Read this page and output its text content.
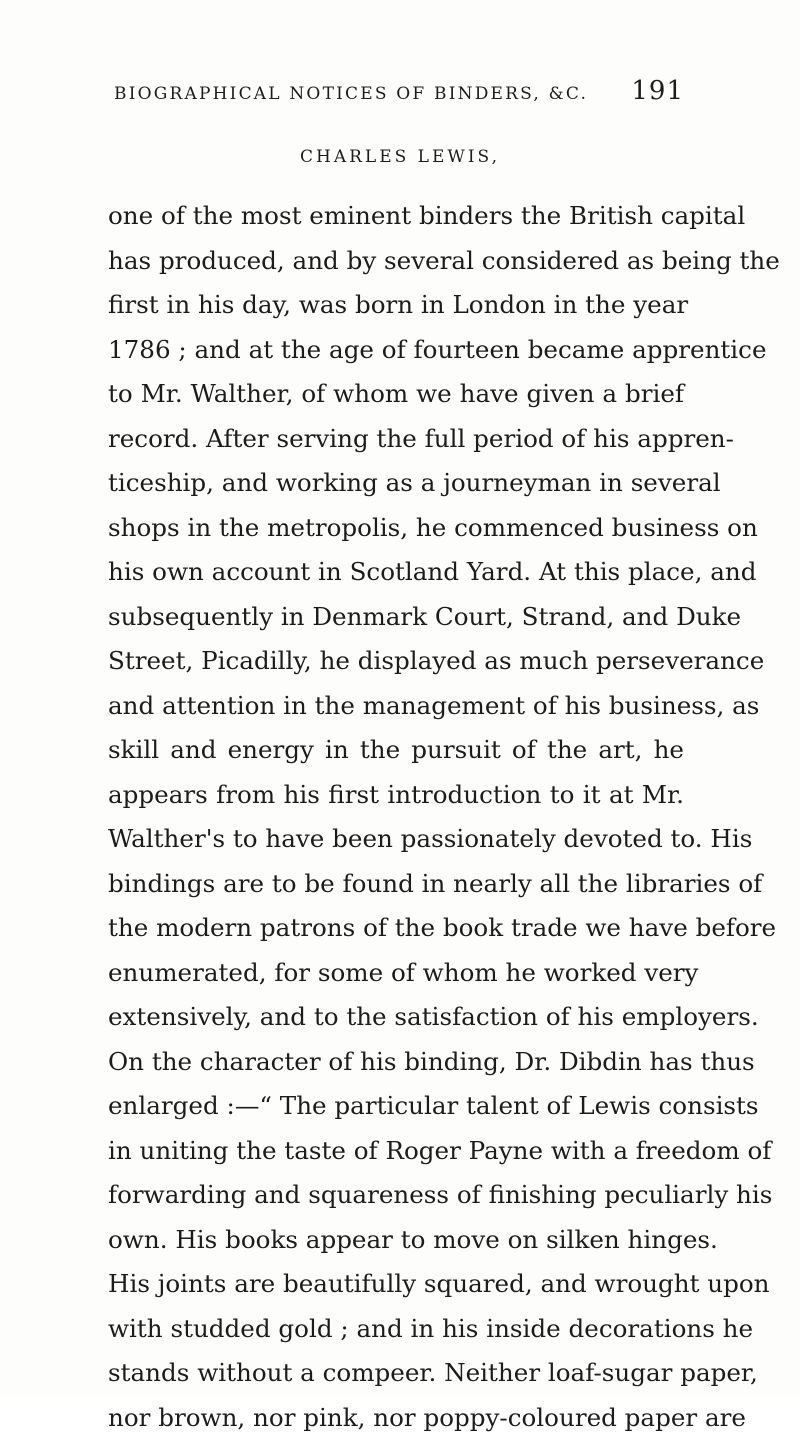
BIOGRAPHICAL NOTICES OF BINDERS, &C. 191
CHARLES LEWIS,
one of the most eminent binders the British capital
has produced, and by several considered as being the
first in his day, was born in London in the year
1786 ; and at the age of fourteen became apprentice
to Mr. Walther, of whom we have given a brief
record. After serving the full period of his appren-
ticeship, and working as a journeyman in several
shops in the metropolis, he commenced business on
his own account in Scotland Yard. At this place, and
subsequently in Denmark Court, Strand, and Duke
Street, Picadilly, he displayed as much perseverance
and attention in the management of his business, as
skill and energy in the pursuit of the art, he
appears from his first introduction to it at Mr.
Walther's to have been passionately devoted to. His
bindings are to be found in nearly all the libraries of
the modern patrons of the book trade we have before
enumerated, for some of whom he worked very
extensively, and to the satisfaction of his employers.
On the character of his binding, Dr. Dibdin has thus
enlarged :—“ The particular talent of Lewis consists
in uniting the taste of Roger Payne with a freedom of
forwarding and squareness of finishing peculiarly his
own. His books appear to move on silken hinges.
His joints are beautifully squared, and wrought upon
with studded gold ; and in his inside decorations he
stands without a compeer. Neither loaf-sugar paper,
nor brown, nor pink, nor poppy-coloured paper are
